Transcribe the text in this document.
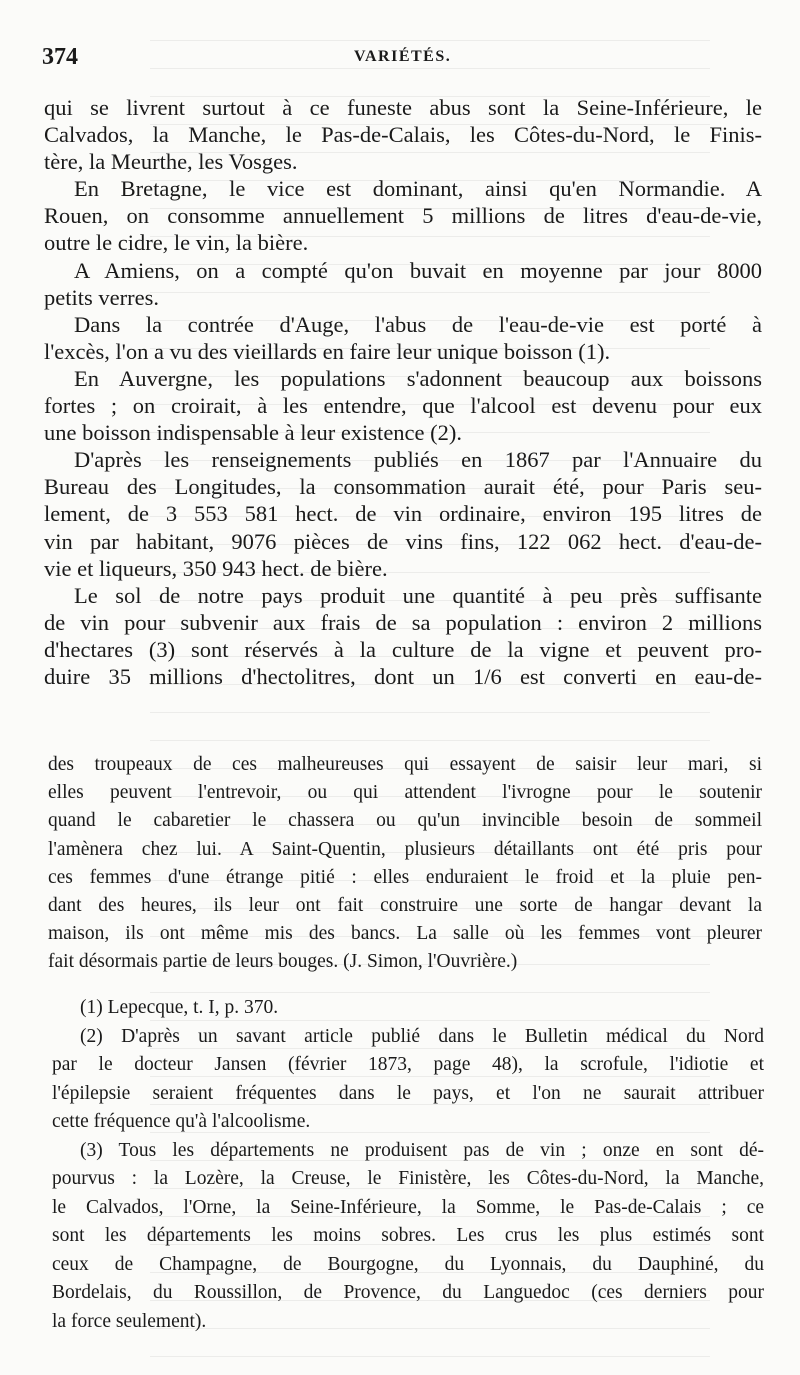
374	VARIÉTÉS.
qui se livrent surtout à ce funeste abus sont la Seine-Inférieure, le
Calvados, la Manche, le Pas-de-Calais, les Côtes-du-Nord, le Finis-
tère, la Meurthe, les Vosges.
En Bretagne, le vice est dominant, ainsi qu'en Normandie. A
Rouen, on consomme annuellement 5 millions de litres d'eau-de-vie,
outre le cidre, le vin, la bière.
A Amiens, on a compté qu'on buvait en moyenne par jour 8000
petits verres.
Dans la contrée d'Auge, l'abus de l'eau-de-vie est porté à
l'excès, l'on a vu des vieillards en faire leur unique boisson (1).
En Auvergne, les populations s'adonnent beaucoup aux boissons
fortes ; on croirait, à les entendre, que l'alcool est devenu pour eux
une boisson indispensable à leur existence (2).
D'après les renseignements publiés en 1867 par l'Annuaire du
Bureau des Longitudes, la consommation aurait été, pour Paris seu-
lement, de 3 553 581 hect. de vin ordinaire, environ 195 litres de
vin par habitant, 9076 pièces de vins fins, 122 062 hect. d'eau-de-
vie et liqueurs, 350 943 hect. de bière.
Le sol de notre pays produit une quantité à peu près suffisante
de vin pour subvenir aux frais de sa population : environ 2 millions
d'hectares (3) sont réservés à la culture de la vigne et peuvent pro-
duire 35 millions d'hectolitres, dont un 1/6 est converti en eau-de-
des troupeaux de ces malheureuses qui essayent de saisir leur mari, si
elles peuvent l'entrevoir, ou qui attendent l'ivrogne pour le soutenir
quand le cabaretier le chassera ou qu'un invincible besoin de sommeil
l'amènera chez lui. A Saint-Quentin, plusieurs détaillants ont été pris pour
ces femmes d'une étrange pitié : elles enduraient le froid et la pluie pen-
dant des heures, ils leur ont fait construire une sorte de hangar devant la
maison, ils ont même mis des bancs. La salle où les femmes vont pleurer
fait désormais partie de leurs bouges. (J. Simon, l'Ouvrière.)
(1) Lepecque, t. I, p. 370.
(2) D'après un savant article publié dans le Bulletin médical du Nord
par le docteur Jansen (février 1873, page 48), la scrofule, l'idiotie et
l'épilepsie seraient fréquentes dans le pays, et l'on ne saurait attribuer
cette fréquence qu'à l'alcoolisme.
(3) Tous les départements ne produisent pas de vin ; onze en sont dé-
pourvus : la Lozère, la Creuse, le Finistère, les Côtes-du-Nord, la Manche,
le Calvados, l'Orne, la Seine-Inférieure, la Somme, le Pas-de-Calais ; ce
sont les départements les moins sobres. Les crus les plus estimés sont
ceux de Champagne, de Bourgogne, du Lyonnais, du Dauphiné, du
Bordelais, du Roussillon, de Provence, du Languedoc (ces derniers pour
la force seulement).
